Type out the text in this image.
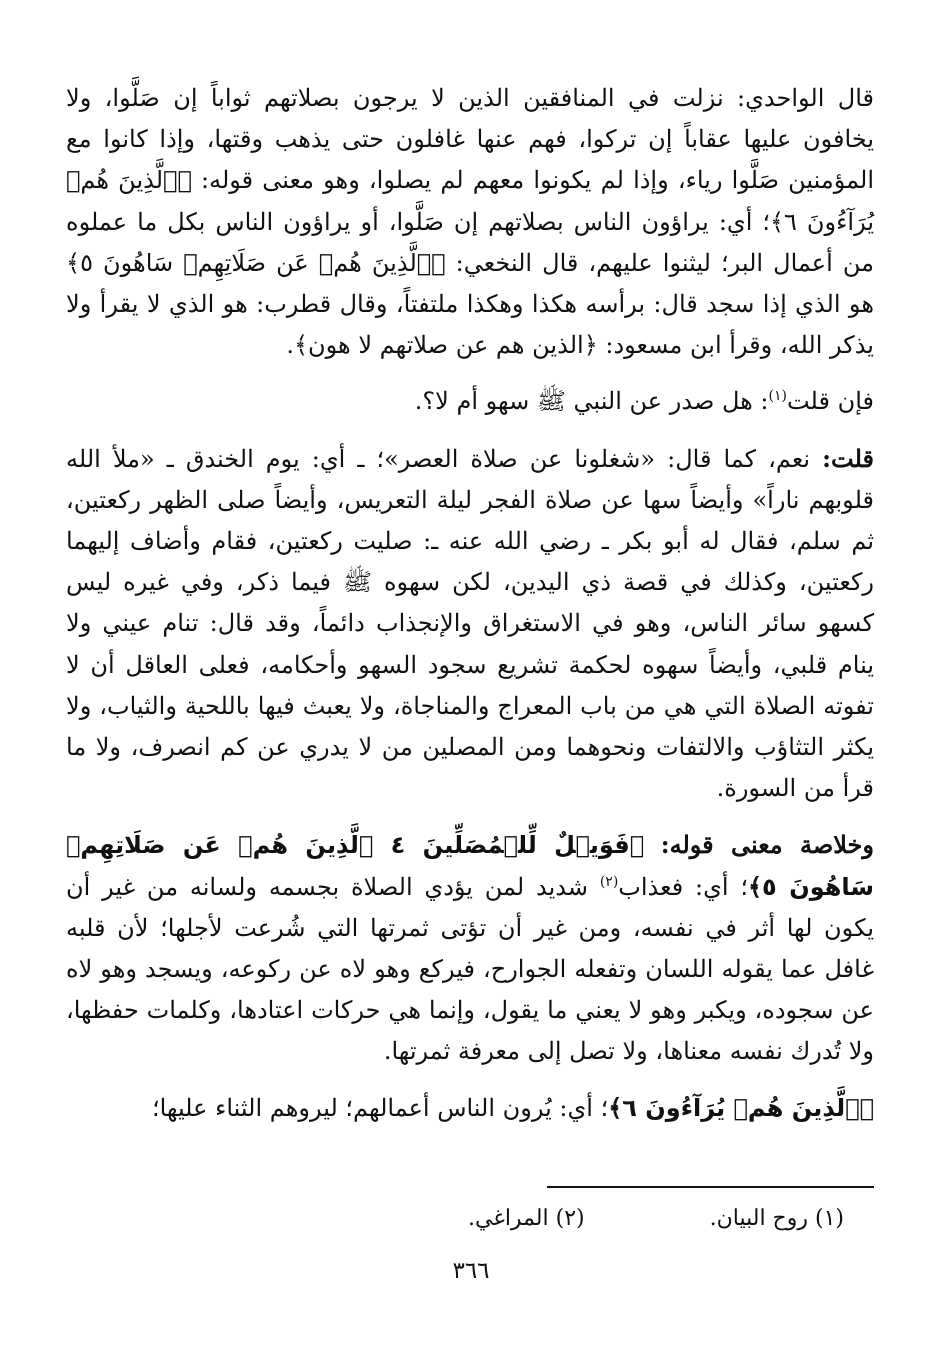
قال الواحدي: نزلت في المنافقين الذين لا يرجون بصلاتهم ثواباً إن صَلَّوا، ولا يخافون عليها عقاباً إن تركوا، فهم عنها غافلون حتى يذهب وقتها، وإذا كانوا مع المؤمنين صَلَّوا رياء، وإذا لم يكونوا معهم لم يصلوا، وهو معنى قوله: ﴿ٱلَّذِينَ هُمۡ يُرَآءُونَ ٦﴾؛ أي: يراؤون الناس بصلاتهم إن صَلَّوا، أو يراؤون الناس بكل ما عملوه من أعمال البر؛ ليثنوا عليهم، قال النخعي: ﴿ٱلَّذِينَ هُمۡ عَن صَلَاتِهِمۡ سَاهُونَ ٥﴾ هو الذي إذا سجد قال: برأسه هكذا وهكذا ملتفتاً، وقال قطرب: هو الذي لا يقرأ ولا يذكر الله، وقرأ ابن مسعود: ﴿الذين هم عن صلاتهم لا هون﴾.

فإن قلت$^{(١)}$: هل صدر عن النبي ﷺ سهو أم لا؟.

قلت: نعم، كما قال: «شغلونا عن صلاة العصر»؛ ـ أي: يوم الخندق ـ «ملأ الله قلوبهم ناراً» وأيضاً سها عن صلاة الفجر ليلة التعريس، وأيضاً صلى الظهر ركعتين، ثم سلم، فقال له أبو بكر ـ رضي الله عنه ـ: صليت ركعتين، فقام وأضاف إليهما ركعتين، وكذلك في قصة ذي اليدين، لكن سهوه ﷺ فيما ذكر، وفي غيره ليس كسهو سائر الناس، وهو في الاستغراق والإنجذاب دائماً، وقد قال: تنام عيني ولا ينام قلبي، وأيضاً سهوه لحكمة تشريع سجود السهو وأحكامه، فعلى العاقل أن لا تفوته الصلاة التي هي من باب المعراج والمناجاة، ولا يعبث فيها باللحية والثياب، ولا يكثر التثاؤب والالتفات ونحوهما ومن المصلين من لا يدري عن كم انصرف، ولا ما قرأ من السورة.

وخلاصة معنى قوله: ﴿فَوَيۡلٌ لِّلۡمُصَلِّينَ ٤ ٱلَّذِينَ هُمۡ عَن صَلَاتِهِمۡ سَاهُونَ ٥﴾؛ أي: فعذاب$^{(٢)}$ شديد لمن يؤدي الصلاة بجسمه ولسانه من غير أن يكون لها أثر في نفسه، ومن غير أن تؤتى ثمرتها التي شُرعت لأجلها؛ لأن قلبه غافل عما يقوله اللسان وتفعله الجوارح، فيركع وهو لاه عن ركوعه، ويسجد وهو لاه عن سجوده، ويكبر وهو لا يعني ما يقول، وإنما هي حركات اعتادها، وكلمات حفظها، ولا تُدرك نفسه معناها، ولا تصل إلى معرفة ثمرتها.

﴿ٱلَّذِينَ هُمۡ يُرَآءُونَ ٦﴾؛ أي: يُرون الناس أعمالهم؛ ليروهم الثناء عليها؛

(١) روح البيان. (٢) المراغي.
٣٦٦
